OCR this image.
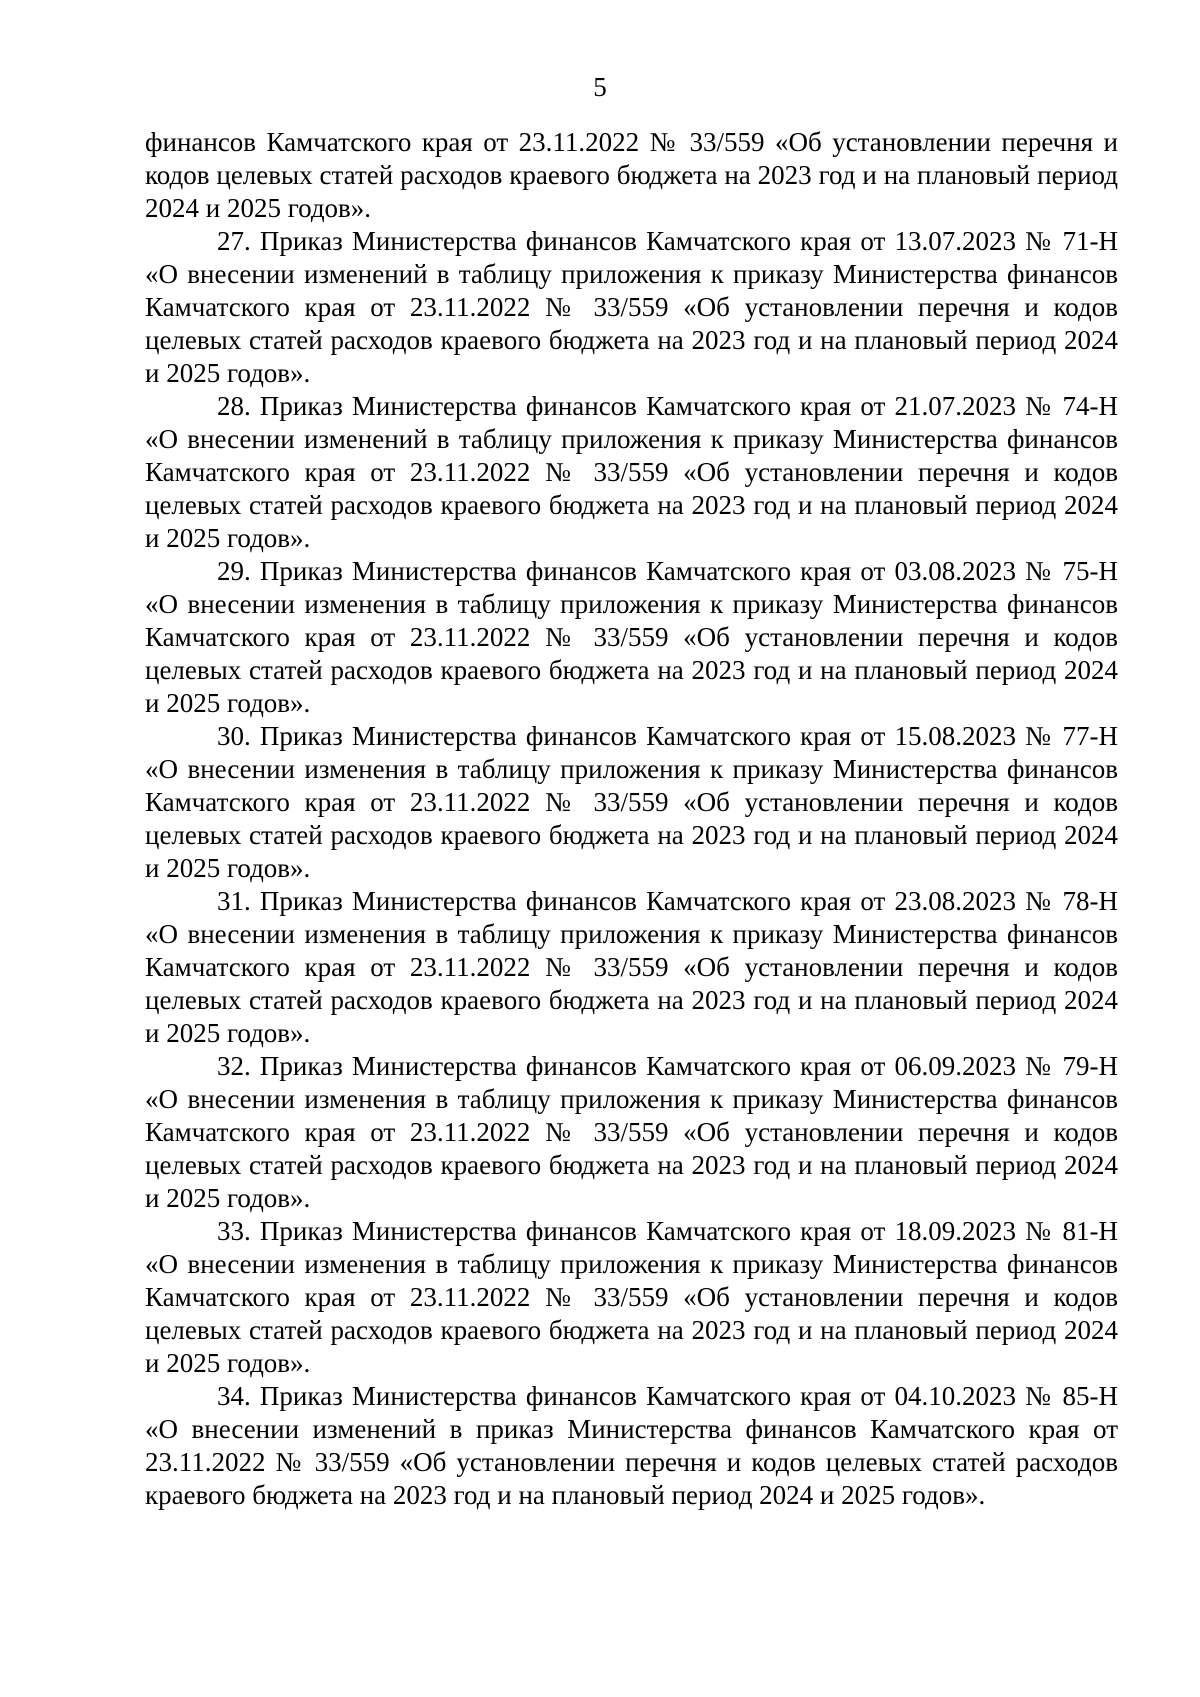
5

финансов Камчатского края от 23.11.2022 № 33/559 «Об установлении перечня и кодов целевых статей расходов краевого бюджета на 2023 год и на плановый период 2024 и 2025 годов».

27. Приказ Министерства финансов Камчатского края от 13.07.2023 № 71-Н «О внесении изменений в таблицу приложения к приказу Министерства финансов Камчатского края от 23.11.2022 № 33/559 «Об установлении перечня и кодов целевых статей расходов краевого бюджета на 2023 год и на плановый период 2024 и 2025 годов».

28. Приказ Министерства финансов Камчатского края от 21.07.2023 № 74-Н «О внесении изменений в таблицу приложения к приказу Министерства финансов Камчатского края от 23.11.2022 № 33/559 «Об установлении перечня и кодов целевых статей расходов краевого бюджета на 2023 год и на плановый период 2024 и 2025 годов».

29. Приказ Министерства финансов Камчатского края от 03.08.2023 № 75-Н «О внесении изменения в таблицу приложения к приказу Министерства финансов Камчатского края от 23.11.2022 № 33/559 «Об установлении перечня и кодов целевых статей расходов краевого бюджета на 2023 год и на плановый период 2024 и 2025 годов».

30. Приказ Министерства финансов Камчатского края от 15.08.2023 № 77-Н «О внесении изменения в таблицу приложения к приказу Министерства финансов Камчатского края от 23.11.2022 № 33/559 «Об установлении перечня и кодов целевых статей расходов краевого бюджета на 2023 год и на плановый период 2024 и 2025 годов».

31. Приказ Министерства финансов Камчатского края от 23.08.2023 № 78-Н «О внесении изменения в таблицу приложения к приказу Министерства финансов Камчатского края от 23.11.2022 № 33/559 «Об установлении перечня и кодов целевых статей расходов краевого бюджета на 2023 год и на плановый период 2024 и 2025 годов».

32. Приказ Министерства финансов Камчатского края от 06.09.2023 № 79-Н «О внесении изменения в таблицу приложения к приказу Министерства финансов Камчатского края от 23.11.2022 № 33/559 «Об установлении перечня и кодов целевых статей расходов краевого бюджета на 2023 год и на плановый период 2024 и 2025 годов».

33. Приказ Министерства финансов Камчатского края от 18.09.2023 № 81-Н «О внесении изменения в таблицу приложения к приказу Министерства финансов Камчатского края от 23.11.2022 № 33/559 «Об установлении перечня и кодов целевых статей расходов краевого бюджета на 2023 год и на плановый период 2024 и 2025 годов».

34. Приказ Министерства финансов Камчатского края от 04.10.2023 № 85-Н «О внесении изменений в приказ Министерства финансов Камчатского края от 23.11.2022 № 33/559 «Об установлении перечня и кодов целевых статей расходов краевого бюджета на 2023 год и на плановый период 2024 и 2025 годов».
